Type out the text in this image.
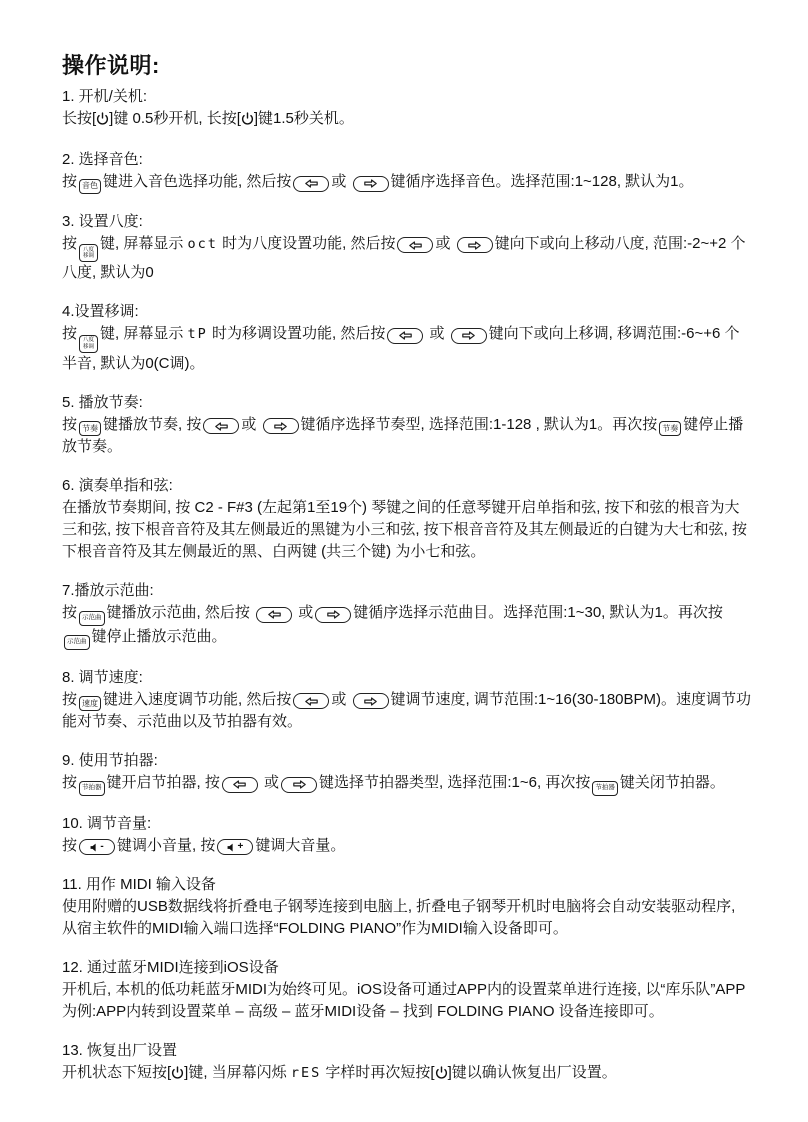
操作说明:
1. 开机/关机:

长按[ ]键 0.5秒开机, 长按[ ]键1.5秒关机。

2. 选择音色:

按 音色 键进入音色选择功能, 然后按	或	键循序选择音色。选择范围:1~128, 默认为1。

3. 设置八度:

按 八度
移调
键, 屏幕显示 oct 时为八度设置功能, 然后按	或	键向下或向上移动八度, 范围:-2~+2 个八度, 默认为0

4.设置移调:

按 八度
移调
键, 屏幕显示 tP 时为移调设置功能, 然后按	或	键向下或向上移调, 移调范围:-6~+6 个半音, 默认为0(C调)。

5. 播放节奏:

按 节奏 键播放节奏, 按	或	键循序选择节奏型, 选择范围:1-128 , 默认为1。再次按 节奏 键停止播放节奏。

6. 演奏单指和弦:

在播放节奏期间, 按 C2 - F#3 (左起第1至19个) 琴键之间的任意琴键开启单指和弦, 按下和弦的根音为大三和弦, 按下根音音符及其左侧最近的黑键为小三和弦, 按下根音音符及其左侧最近的白键为大七和弦, 按下根音音符及其左侧最近的黑、白两键 (共三个键) 为小七和弦。

7.播放示范曲:

按 示范曲 键播放示范曲, 然后按	或	键循序选择示范曲目。选择范围:1~30, 默认为1。再次按示范曲 键停止播放示范曲。

8. 调节速度:

按 速度 键进入速度调节功能, 然后按	或	键调节速度, 调节范围:1~16(30-180BPM)。速度调节功能对节奏、示范曲以及节拍器有效。

9. 使用节拍器:

按 节拍器 键开启节拍器, 按	或	键选择节拍器类型, 选择范围:1~6, 再次按 节拍器 键关闭节拍器。

10. 调节音量:

按 - 键调小音量, 按 + 键调大音量。

11. 用作 MIDI 输入设备

使用附赠的USB数据线将折叠电子钢琴连接到电脑上, 折叠电子钢琴开机时电脑将会自动安装驱动程序, 从宿主软件的MIDI输入端口选择“FOLDING PIANO”作为MIDI输入设备即可。

12. 通过蓝牙MIDI连接到iOS设备

开机后, 本机的低功耗蓝牙MIDI为始终可见。iOS设备可通过APP内的设置菜单进行连接, 以“库乐队”APP为例:APP内转到设置菜单 – 高级 – 蓝牙MIDI设备 – 找到 FOLDING PIANO 设备连接即可。

13. 恢复出厂设置

开机状态下短按[ ]键, 当屏幕闪烁 rES 字样时再次短按[ ]键以确认恢复出厂设置。
